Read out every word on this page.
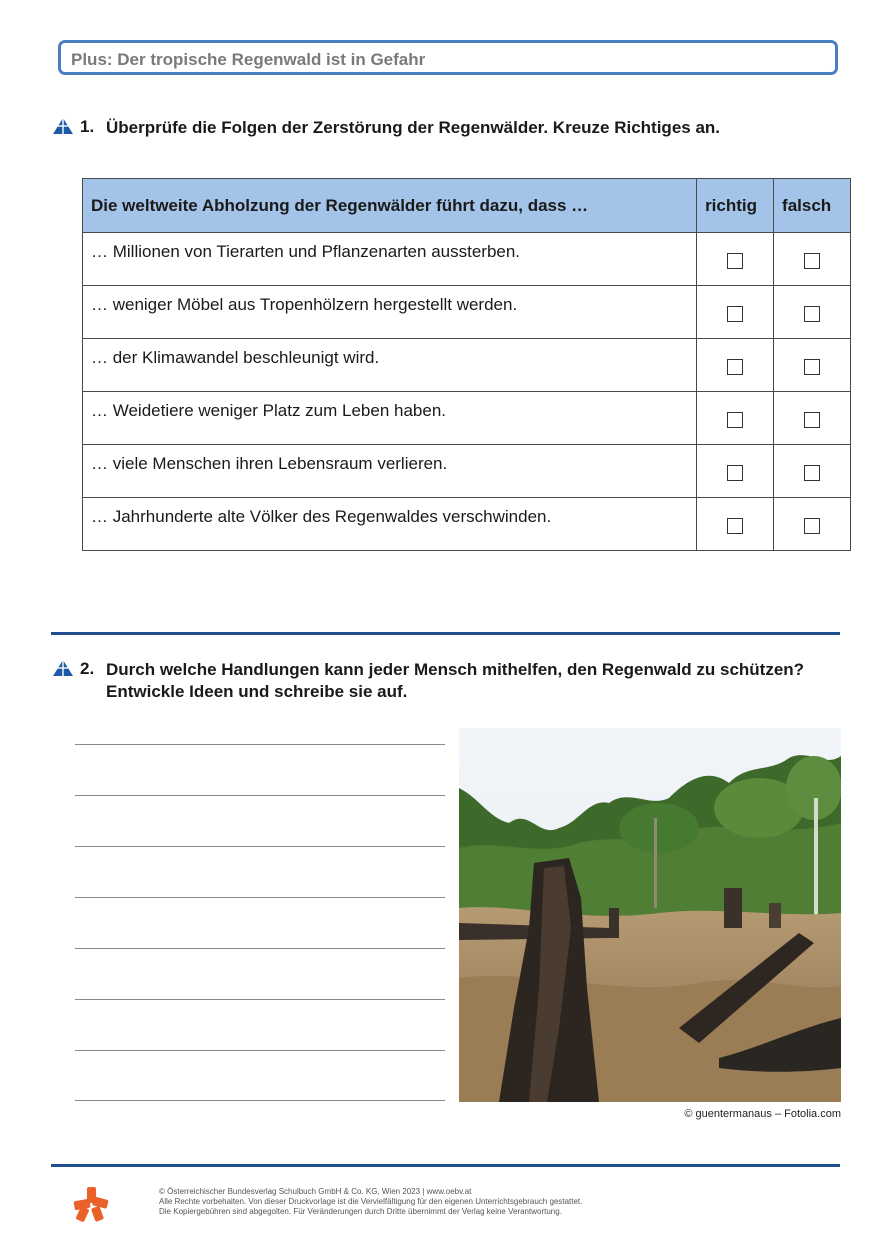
Plus: Der tropische Regenwald ist in Gefahr
1. Überprüfe die Folgen der Zerstörung der Regenwälder. Kreuze Richtiges an.
Die weltweite Abholzung der Regenwälder führt dazu, dass …	richtig	falsch
… Millionen von Tierarten und Pflanzenarten aussterben.		
… weniger Möbel aus Tropenhölzern hergestellt werden.		
… der Klimawandel beschleunigt wird.		
… Weidetiere weniger Platz zum Leben haben.		
… viele Menschen ihren Lebensraum verlieren.		
… Jahrhunderte alte Völker des Regenwaldes verschwinden.		
2. Durch welche Handlungen kann jeder Mensch mithelfen, den Regenwald zu schützen?
Entwickle Ideen und schreibe sie auf.
© guentermanaus – Fotolia.com
© Österreichischer Bundesverlag Schulbuch GmbH & Co. KG, Wien 2023 | www.oebv.at
Alle Rechte vorbehalten. Von dieser Druckvorlage ist die Vervielfältigung für den eigenen Unterrichtsgebrauch gestattet.
Die Kopiergebühren sind abgegolten. Für Veränderungen durch Dritte übernimmt der Verlag keine Verantwortung.
